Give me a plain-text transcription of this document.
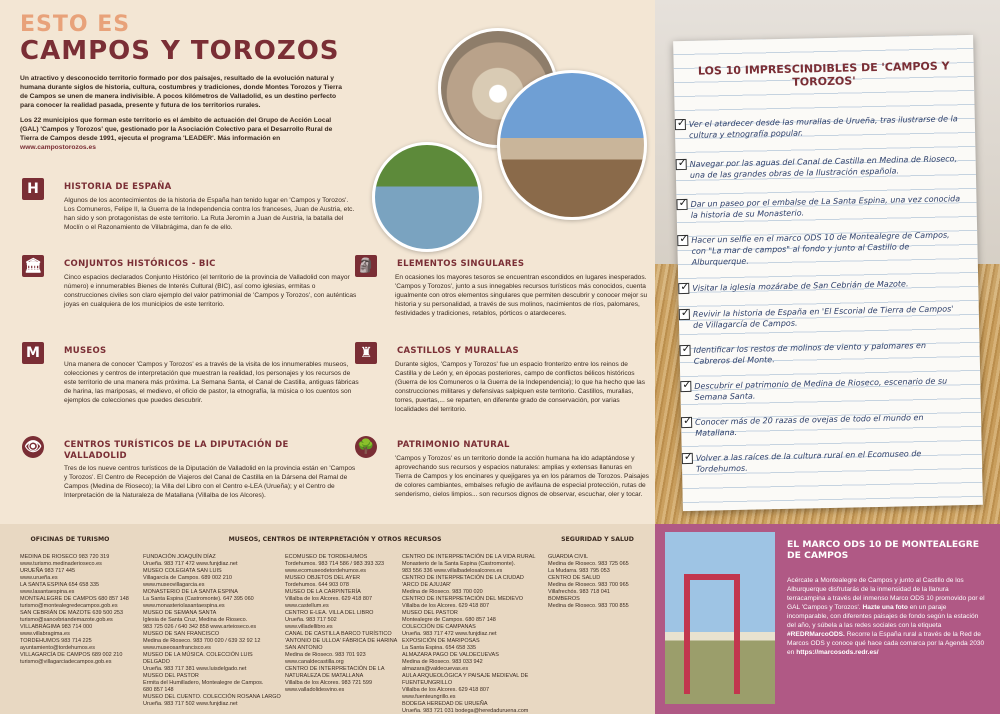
ESTO ES
CAMPOS Y TOROZOS

Un atractivo y desconocido territorio formado por dos paisajes, resultado de la evolución natural y humana durante siglos de historia, cultura, costumbres y tradiciones, donde Montes Torozos y Tierra de Campos se unen de manera indivisible. A pocos kilómetros de Valladolid, es un destino perfecto para conocer la realidad pasada, presente y futura de los territorios rurales.

Los 22 municipios que forman este territorio es el ámbito de actuación del Grupo de Acción Local (GAL) 'Campos y Torozos' que, gestionado por la Asociación Colectivo para el Desarrollo Rural de Tierra de Campos desde 1991, ejecuta el programa 'LEADER'. Más información en www.campostorozos.es

H	HISTORIA DE ESPAÑA
Algunos de los acontecimientos de la historia de España han tenido lugar en 'Campos y Torozos'. Los Comuneros, Felipe II, la Guerra de la Independencia contra los franceses, Juan de Austria, etc. han sido y son protagonistas de este territorio. La Ruta Jeromín a Juan de Austria, la batalla del Moclín o el Razonamiento de Villabrágima, dan fe de ello.
🏛	CONJUNTOS HISTÓRICOS - BIC
Cinco espacios declarados Conjunto Histórico (el territorio de la provincia de Valladolid con mayor número) e innumerables Bienes de Interés Cultural (BIC), así como iglesias, ermitas o construcciones civiles son claro ejemplo del valor patrimonial de 'Campos y Torozos', con auténticas joyas en cualquiera de los municipios de este territorio.
M	MUSEOS
Una manera de conocer 'Campos y Torozos' es a través de la visita de los innumerables museos, colecciones y centros de interpretación que muestran la realidad, los personajes y los recursos de este territorio de una manera más próxima. La Semana Santa, el Canal de Castilla, antiguas fábricas de harina, las mariposas, el medievo, el oficio de pastor, la etnografía, la música o los cuentos son ejemplos de colecciones que puedes descubrir.
👁	CENTROS TURÍSTICOS DE LA DIPUTACIÓN DE VALLADOLID
Tres de los nueve centros turísticos de la Diputación de Valladolid en la provincia están en 'Campos y Torozos'. El Centro de Recepción de Viajeros del Canal de Castilla en la Dársena del Ramal de Campos (Medina de Rioseco); la Villa del Libro con el Centro e-LEA (Urueña); y el Centro de Interpretación de la Naturaleza de Matallana (Villalba de los Alcores).
🗿	ELEMENTOS SINGULARES
En ocasiones los mayores tesoros se encuentran escondidos en lugares inesperados. 'Campos y Torozos', junto a sus innegables recursos turísticos más conocidos, cuenta igualmente con otros elementos singulares que permiten descubrir y conocer mejor su historia y su personalidad, a través de sus molinos, nacimientos de ríos, palomares, festividades y tradiciones, retablos, pórticos o atardeceres.
♜	CASTILLOS Y MURALLAS
Durante siglos, 'Campos y Torozos' fue un espacio fronterizo entre los reinos de Castilla y de León y, en épocas posteriores, campo de conflictos bélicos históricos (Guerra de los Comuneros o la Guerra de la Independencia); lo que ha hecho que las construcciones militares y defensivas salpiquen este territorio. Castillos, murallas, torres, puertas,... se reparten, en diferente grado de conservación, por varias localidades del territorio.
🌳	PATRIMONIO NATURAL
'Campos y Torozos' es un territorio donde la acción humana ha ido adaptándose y aprovechando sus recursos y espacios naturales: amplias y extensas llanuras en Tierra de Campos y los encinares y quejigares ya en los páramos de Torozos. Paisajes de colores cambiantes, embalses refugio de avifauna de especial protección, rutas de senderismo, cielos limpios... son recursos dignos de observar, escuchar, oler y tocar.
LOS 10 IMPRESCINDIBLES DE 'CAMPOS Y TOROZOS'
✓
Ver el atardecer desde las murallas de Urueña, tras ilustrarse de la cultura y etnografía popular.
✓
Navegar por las aguas del Canal de Castilla en Medina de Rioseco, una de las grandes obras de la Ilustración española.
✓
Dar un paseo por el embalse de La Santa Espina, una vez conocida la historia de su Monasterio.
✓
Hacer un selfie en el marco ODS 10 de Montealegre de Campos, con "La mar de campos" al fondo y junto al Castillo de Alburquerque.
✓
Visitar la iglesia mozárabe de San Cebrián de Mazote.
✓
Revivir la historia de España en 'El Escorial de Tierra de Campos' de Villagarcía de Campos.
✓
Identificar los restos de molinos de viento y palomares en Cabreros del Monte.
✓
Descubrir el patrimonio de Medina de Rioseco, escenario de su Semana Santa.
✓
Conocer más de 20 razas de ovejas de todo el mundo en Matallana.
✓
Volver a las raíces de la cultura rural en el Ecomuseo de Tordehumos.
OFICINAS DE TURISMO	MUSEOS, CENTROS DE INTERPRETACIÓN Y OTROS RECURSOS	SEGURIDAD Y SALUD
MEDINA DE RIOSECO 983 720 319
www.turismo.medinaderioseco.es
URUEÑA 983 717 445
www.urueña.es
LA SANTA ESPINA 654 658 335
www.lasantaespina.es
MONTEALEGRE DE CAMPOS 680 857 148
turismo@montealegredecampos.gob.es
SAN CEBRIÁN DE MAZOTE 639 500 253
turismo@sancebriandemazote.gob.es
VILLABRÁGIMA 983 714 000
www.villabragima.es
TORDEHUMOS 983 714 225
ayuntamiento@tordehumos.es
VILLAGARCÍA DE CAMPOS 689 002 210
turismo@villagarciadecampos.gob.es
FUNDACIÓN JOAQUÍN DÍAZ
Urueña. 983 717 472 www.funjdiaz.net
MUSEO COLEGIATA SAN LUIS
Villagarcía de Campos. 689 002 210
www.museovillagarcia.es
MONASTERIO DE LA SANTA ESPINA
La Santa Espina (Castromonte). 647 395 060
www.monasteriolasantaespina.es
MUSEO DE SEMANA SANTA
Iglesia de Santa Cruz, Medina de Rioseco.
983 725 026 / 640 342 858 www.arteioseco.es
MUSEO DE SAN FRANCISCO
Medina de Rioseco. 983 700 020 / 639 32 92 12
www.museosanfrancisco.es
MUSEO DE LA MÚSICA. COLECCIÓN LUIS DELGADO
Urueña. 983 717 381 www.luisdelgado.net
MUSEO DEL PASTOR
Ermita del Humilladero, Montealegre de Campos.
680 857 148
MUSEO DEL CUENTO. COLECCIÓN ROSANA LARGO
Urueña. 983 717 502 www.funjdiaz.net
ECOMUSEO DE TORDEHUMOS
Tordehumos. 983 714 586 / 983 393 323
www.ecomuseodetordehumos.es
MUSEO OBJETOS DEL AYER
Tordehumos. 644 903 078
MUSEO DE LA CARPINTERÍA
Villalba de los Alcores. 629 418 807
www.castellum.es
CENTRO E-LEA. VILLA DEL LIBRO
Urueña. 983 717 502
www.villadellibro.es
CANAL DE CASTILLA BARCO TURÍSTICO 'ANTONIO DE ULLOA' FÁBRICA DE HARINA SAN ANTONIO
Medina de Rioseco. 983 701 923
www.canaldecastilla.org
CENTRO DE INTERPRETACIÓN DE LA NATURALEZA DE MATALLANA
Villalba de los Alcores. 983 721 599
www.valladolidesvino.es
CENTRO DE INTERPRETACIÓN DE LA VIDA RURAL
Monasterio de la Santa Espina (Castromonte).
983 556 336 www.villalbadelosalcores.es
CENTRO DE INTERPRETACIÓN DE LA CIUDAD 'ARCO DE AJUJAR'
Medina de Rioseco. 983 700 020
CENTRO DE INTERPRETACIÓN DEL MEDIEVO
Villalba de los Alcores. 629 418 807
MUSEO DEL PASTOR
Montealegre de Campos. 680 857 148
COLECCIÓN DE CAMPANAS
Urueña. 983 717 472 www.funjdiaz.net
EXPOSICIÓN DE MARIPOSAS
La Santa Espina. 654 658 335
ALMAZARA PAGO DE VALDECUEVAS
Medina de Rioseco. 983 033 942
almazara@valdecuevas.es
AULA ARQUEOLÓGICA Y PAISAJE MEDIEVAL DE FUENTEUNGRILLO
Villalba de los Alcores. 629 418 807
www.fuenteungrillo.es
BODEGA HEREDAD DE URUEÑA
Urueña. 983 721 031 bodega@heredaduruena.com
GUARDIA CIVIL
Medina de Rioseco. 983 725 065
La Mudarra. 983 795 053
CENTRO DE SALUD
Medina de Rioseco. 983 700 965
Villafrechós. 983 718 041
BOMBEROS
Medina de Rioseco. 983 700 855
EL MARCO ODS 10 DE MONTEALEGRE DE CAMPOS
Acércate a Montealegre de Campos y junto al Castillo de los Alburquerque disfrutarás de la inmensidad de la llanura terracampina a través del inmenso Marco ODS 10 promovido por el GAL 'Campos y Torozos'. Hazte una foto en un paraje incomparable, con diferentes paisajes de fondo según la estación del año, y súbela a las redes sociales con la etiqueta #REDRMarcoODS. Recorre la España rural a través de la Red de Marcos ODS y conoce qué hace cada comarca por la Agenda 2030 en https://marcosods.redr.es/
